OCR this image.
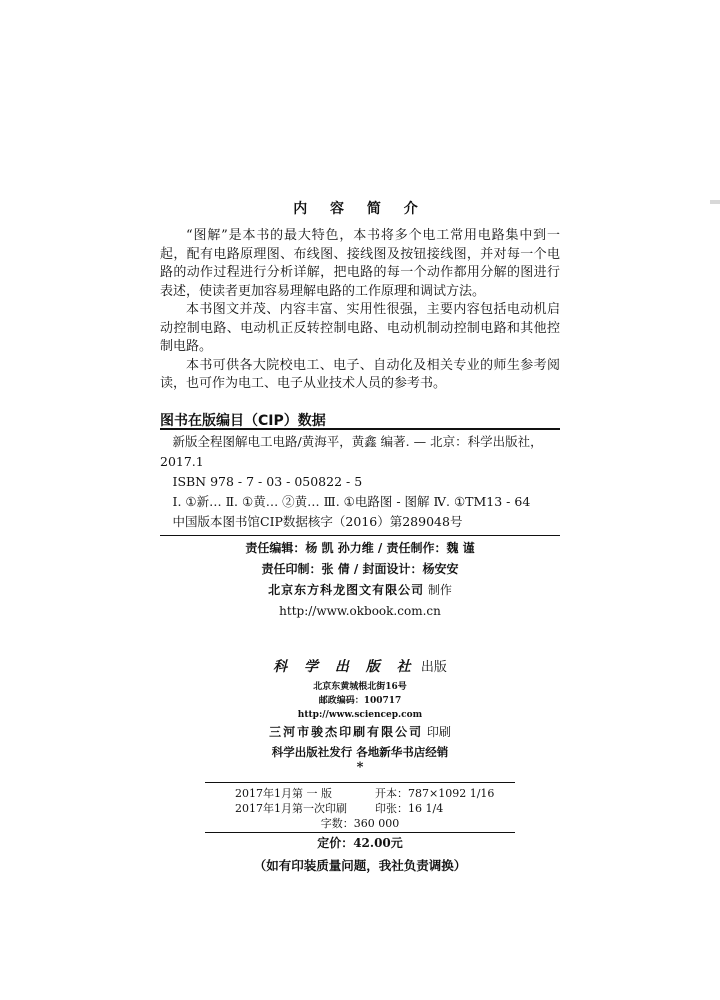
内 容 简 介

“图解”是本书的最大特色，本书将多个电工常用电路集中到一起，配有电路原理图、布线图、接线图及按钮接线图，并对每一个电路的动作过程进行分析详解，把电路的每一个动作都用分解的图进行表述，使读者更加容易理解电路的工作原理和调试方法。

本书图文并茂、内容丰富、实用性很强，主要内容包括电动机启动控制电路、电动机正反转控制电路、电动机制动控制电路和其他控制电路。

本书可供各大院校电工、电子、自动化及相关专业的师生参考阅读，也可作为电工、电子从业技术人员的参考书。

图书在版编目（CIP）数据
新版全程图解电工电路/黄海平，黄鑫 编著. — 北京：科学出版社，
2017.1
ISBN 978 - 7 - 03 - 050822 - 5
Ⅰ. ①新… Ⅱ. ①黄… ②黄… Ⅲ. ①电路图 - 图解 Ⅳ. ①TM13 - 64
中国版本图书馆CIP数据核字（2016）第289048号
责任编辑：杨 凯 孙力维 / 责任制作：魏 谨
责任印制：张 倩 / 封面设计：杨安安
北京东方科龙图文有限公司 制作
http://www.okbook.com.cn
科 学 出 版 社 出版
北京东黄城根北街16号
邮政编码：100717
http://www.sciencep.com
三河市骏杰印刷有限公司 印刷
科学出版社发行 各地新华书店经销
*
2017年1月第 一 版	开本：787×1092 1/16
2017年1月第一次印刷	印张：16 1/4
字数：360 000
定价：42.00元
（如有印装质量问题，我社负责调换）
